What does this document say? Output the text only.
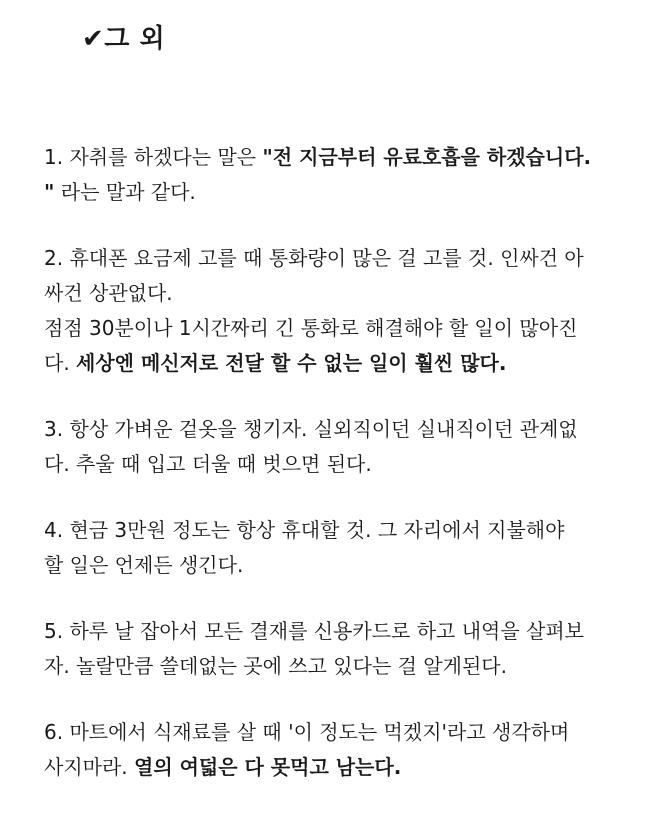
✔그 외
1. 자취를 하겠다는 말은 "전 지금부터 유료호흡을 하겠습니다.
" 라는 말과 같다.
2. 휴대폰 요금제 고를 때 통화량이 많은 걸 고를 것. 인싸건 아
싸건 상관없다.
점점 30분이나 1시간짜리 긴 통화로 해결해야 할 일이 많아진
다. 세상엔 메신저로 전달 할 수 없는 일이 훨씬 많다.
3. 항상 가벼운 겉옷을 챙기자. 실외직이던 실내직이던 관계없
다. 추울 때 입고 더울 때 벗으면 된다.
4. 현금 3만원 정도는 항상 휴대할 것. 그 자리에서 지불해야
할 일은 언제든 생긴다.
5. 하루 날 잡아서 모든 결재를 신용카드로 하고 내역을 살펴보
자. 놀랄만큼 쓸데없는 곳에 쓰고 있다는 걸 알게된다.
6. 마트에서 식재료를 살 때 '이 정도는 먹겠지'라고 생각하며
사지마라. 열의 여덟은 다 못먹고 남는다.
